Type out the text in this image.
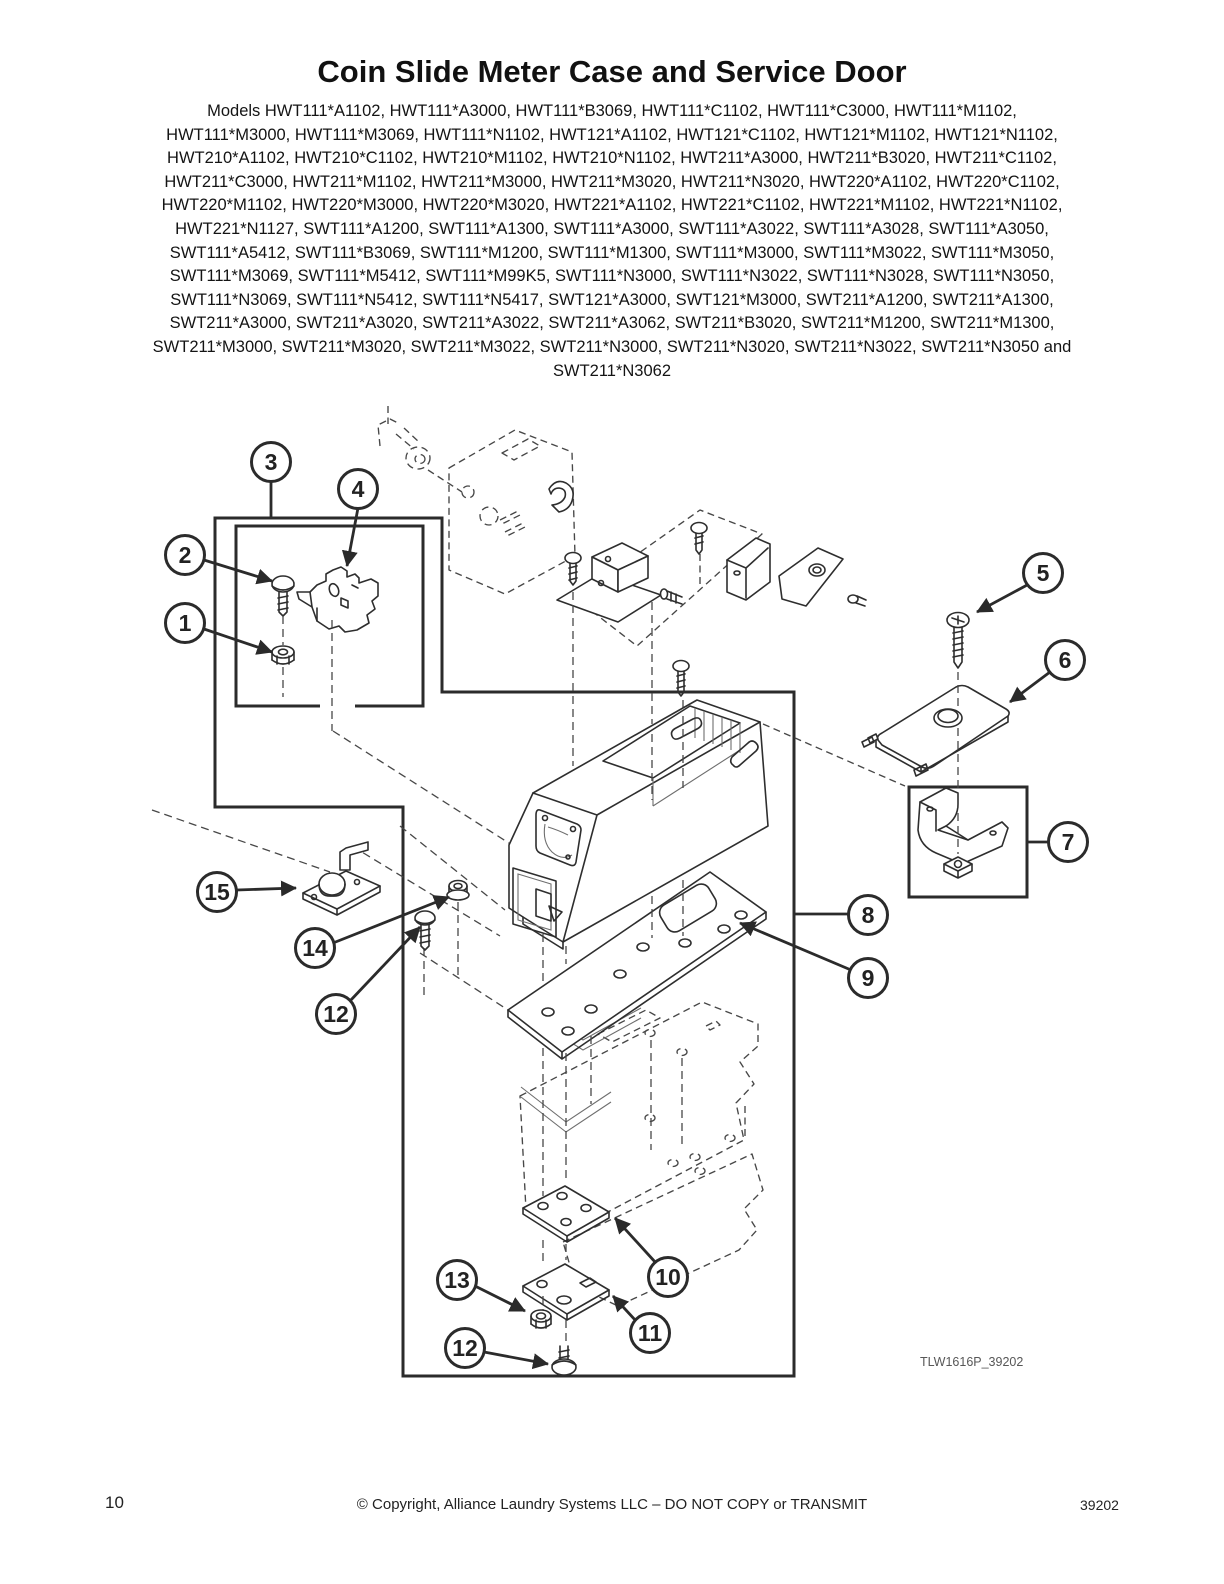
Coin Slide Meter Case and Service Door
Models HWT111*A1102, HWT111*A3000, HWT111*B3069, HWT111*C1102, HWT111*C3000, HWT111*M1102,
HWT111*M3000, HWT111*M3069, HWT111*N1102, HWT121*A1102, HWT121*C1102, HWT121*M1102, HWT121*N1102,
HWT210*A1102, HWT210*C1102, HWT210*M1102, HWT210*N1102, HWT211*A3000, HWT211*B3020, HWT211*C1102,
HWT211*C3000, HWT211*M1102, HWT211*M3000, HWT211*M3020, HWT211*N3020, HWT220*A1102, HWT220*C1102,
HWT220*M1102, HWT220*M3000, HWT220*M3020, HWT221*A1102, HWT221*C1102, HWT221*M1102, HWT221*N1102,
HWT221*N1127, SWT111*A1200, SWT111*A1300, SWT111*A3000, SWT111*A3022, SWT111*A3028, SWT111*A3050,
SWT111*A5412, SWT111*B3069, SWT111*M1200, SWT111*M1300, SWT111*M3000, SWT111*M3022, SWT111*M3050,
SWT111*M3069, SWT111*M5412, SWT111*M99K5, SWT111*N3000, SWT111*N3022, SWT111*N3028, SWT111*N3050,
SWT111*N3069, SWT111*N5412, SWT111*N5417, SWT121*A3000, SWT121*M3000, SWT211*A1200, SWT211*A1300,
SWT211*A3000, SWT211*A3020, SWT211*A3022, SWT211*A3062, SWT211*B3020, SWT211*M1200, SWT211*M1300,
SWT211*M3000, SWT211*M3020, SWT211*M3022, SWT211*N3000, SWT211*N3020, SWT211*N3022, SWT211*N3050 and
SWT211*N3062
1
2
3
4
5
6
7
8
9
10
11
12
12
13
14
15
TLW1616P_39202
10	© Copyright, Alliance Laundry Systems LLC – DO NOT COPY or TRANSMIT	39202
